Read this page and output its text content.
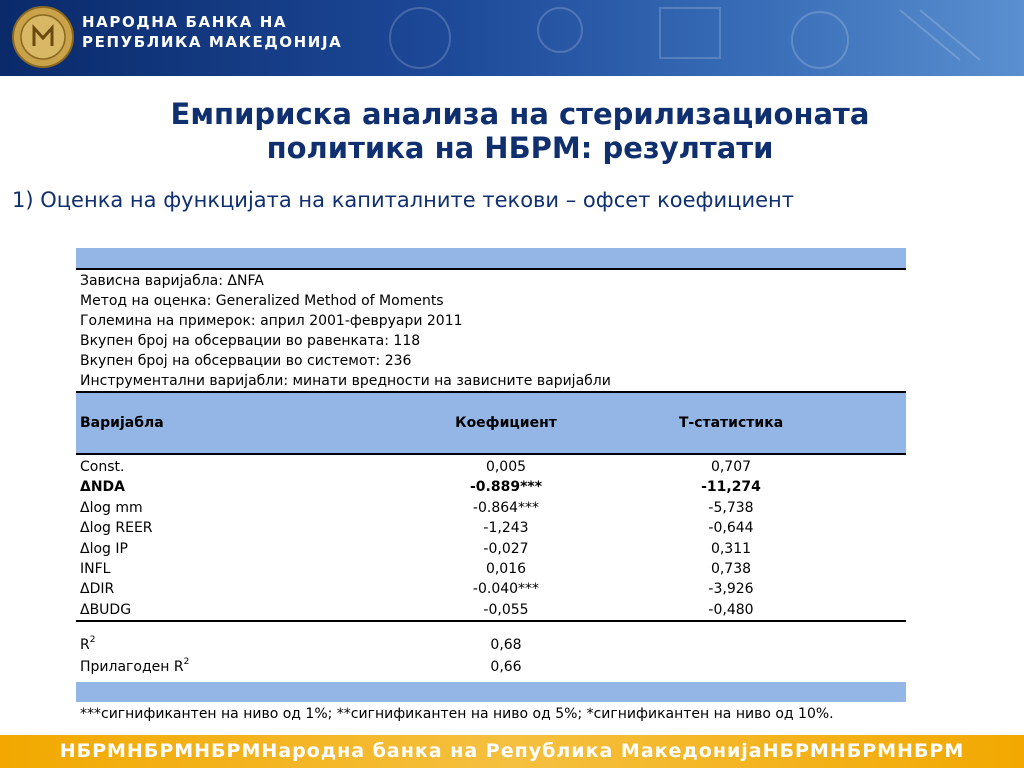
НАРОДНА БАНКА НА
РЕПУБЛИКА МАКЕДОНИЈА
Емпириска анализа на стерилизационата
политика на НБРМ: резултати
1) Оценка на функцијата на капиталните текови – офсет коефициент
Зависна варијабла: ΔNFA
Метод на оценка: Generalized Method of Moments
Големина на примерок: април 2001-февруари 2011
Вкупен број на обсервации во равенката: 118
Вкупен број на обсервации во системот: 236
Инструментални варијабли: минати вредности на зависните варијабли
Варијабла	Коефициент	Т-статистика
Const.	0,005	0,707
ΔNDA	-0.889***	-11,274
Δlog mm	-0.864***	-5,738
Δlog REER	-1,243	-0,644
Δlog IP	-0,027	0,311
INFL	0,016	0,738
ΔDIR	-0.040***	-3,926
ΔBUDG	-0,055	-0,480
$R^2$	0,68
Прилагоден $R^2$	0,66
***сигнификантен на ниво од 1%; **сигнификантен на ниво од 5%; *сигнификантен на ниво од 10%.
НБРМНБРМНБРМНародна банка на Република МакедонијаНБРМНБРМНБРМ
